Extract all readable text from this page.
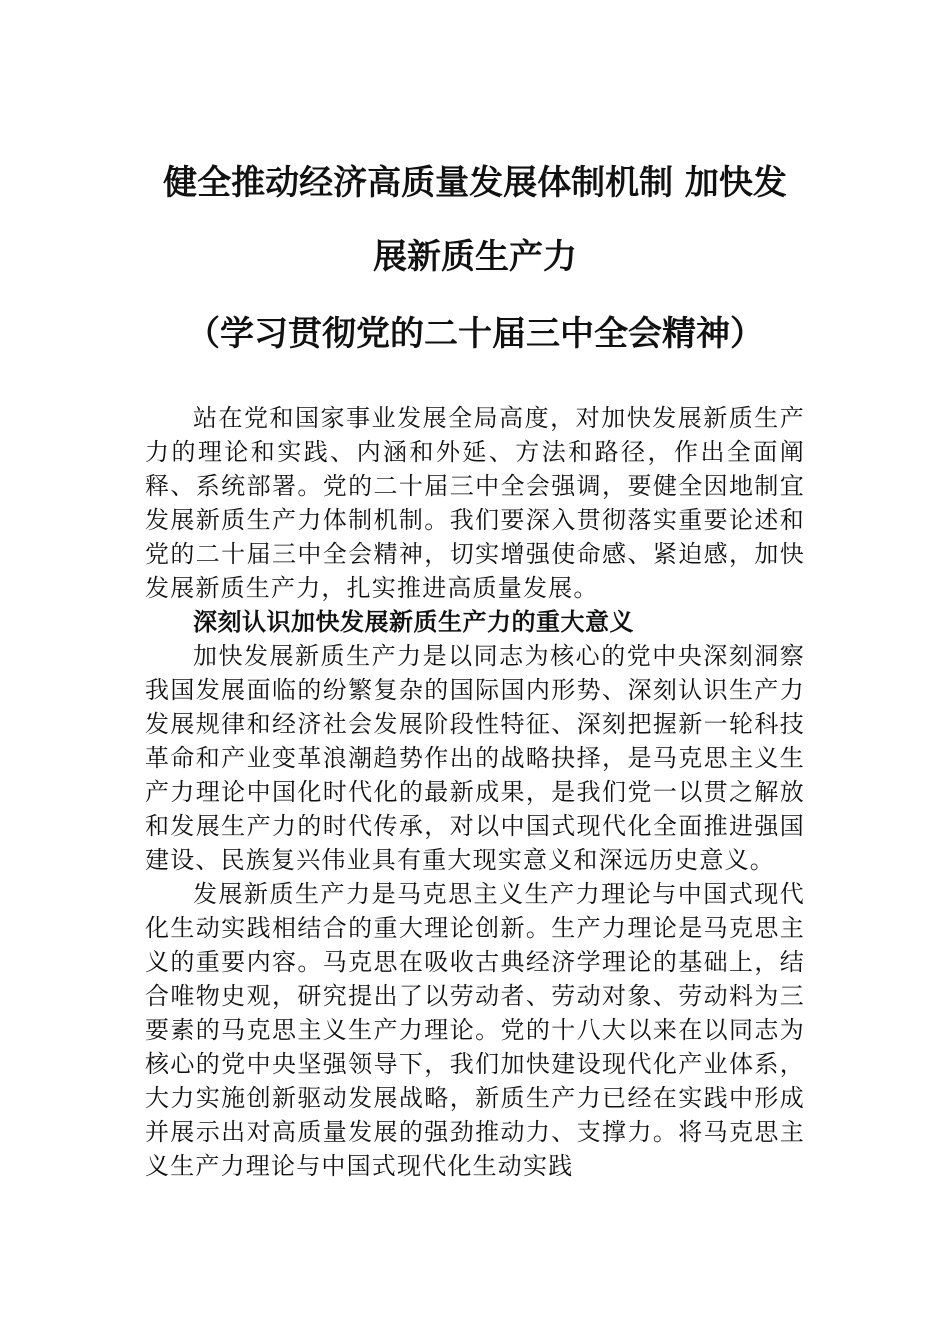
健全推动经济高质量发展体制机制 加快发
展新质生产力
（学习贯彻党的二十届三中全会精神）

站在党和国家事业发展全局高度，对加快发展新质生产力的理论和实践、内涵和外延、方法和路径，作出全面阐释、系统部署。党的二十届三中全会强调，要健全因地制宜发展新质生产力体制机制。我们要深入贯彻落实重要论述和党的二十届三中全会精神，切实增强使命感、紧迫感，加快发展新质生产力，扎实推进高质量发展。

深刻认识加快发展新质生产力的重大意义

加快发展新质生产力是以同志为核心的党中央深刻洞察我国发展面临的纷繁复杂的国际国内形势、深刻认识生产力发展规律和经济社会发展阶段性特征、深刻把握新一轮科技革命和产业变革浪潮趋势作出的战略抉择，是马克思主义生产力理论中国化时代化的最新成果，是我们党一以贯之解放和发展生产力的时代传承，对以中国式现代化全面推进强国建设、民族复兴伟业具有重大现实意义和深远历史意义。

发展新质生产力是马克思主义生产力理论与中国式现代化生动实践相结合的重大理论创新。生产力理论是马克思主义的重要内容。马克思在吸收古典经济学理论的基础上，结合唯物史观，研究提出了以劳动者、劳动对象、劳动料为三要素的马克思主义生产力理论。党的十八大以来在以同志为核心的党中央坚强领导下，我们加快建设现代化产业体系，大力实施创新驱动发展战略，新质生产力已经在实践中形成并展示出对高质量发展的强劲推动力、支撑力。将马克思主义生产力理论与中国式现代化生动实践
